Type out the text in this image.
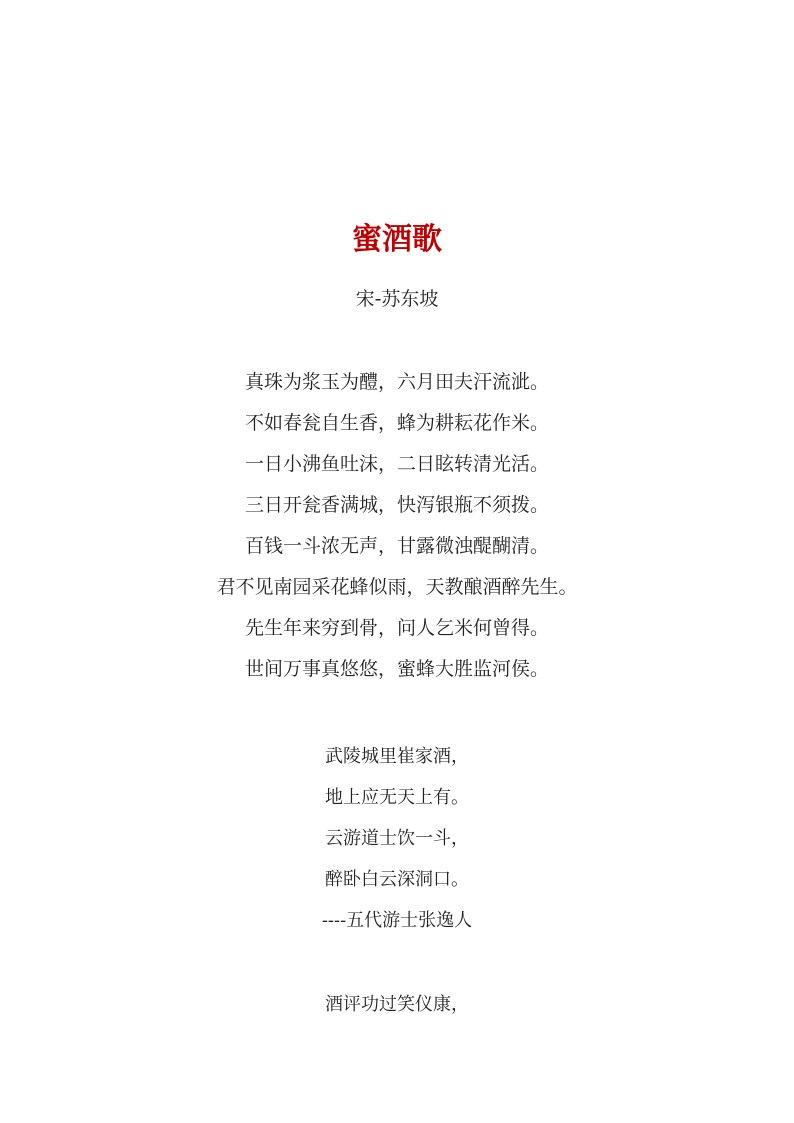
蜜酒歌
宋-苏东坡
真珠为浆玉为醴，六月田夫汗流泚。
不如春瓮自生香，蜂为耕耘花作米。
一日小沸鱼吐沫，二日眩转清光活。
三日开瓮香满城，快泻银瓶不须拨。
百钱一斗浓无声，甘露微浊醍醐清。
君不见南园采花蜂似雨，天教酿酒醉先生。
先生年来穷到骨，问人乞米何曾得。
世间万事真悠悠，蜜蜂大胜监河侯。
武陵城里崔家酒，
地上应无天上有。
云游道士饮一斗，
醉卧白云深洞口。
----五代游士张逸人
酒评功过笑仪康，
